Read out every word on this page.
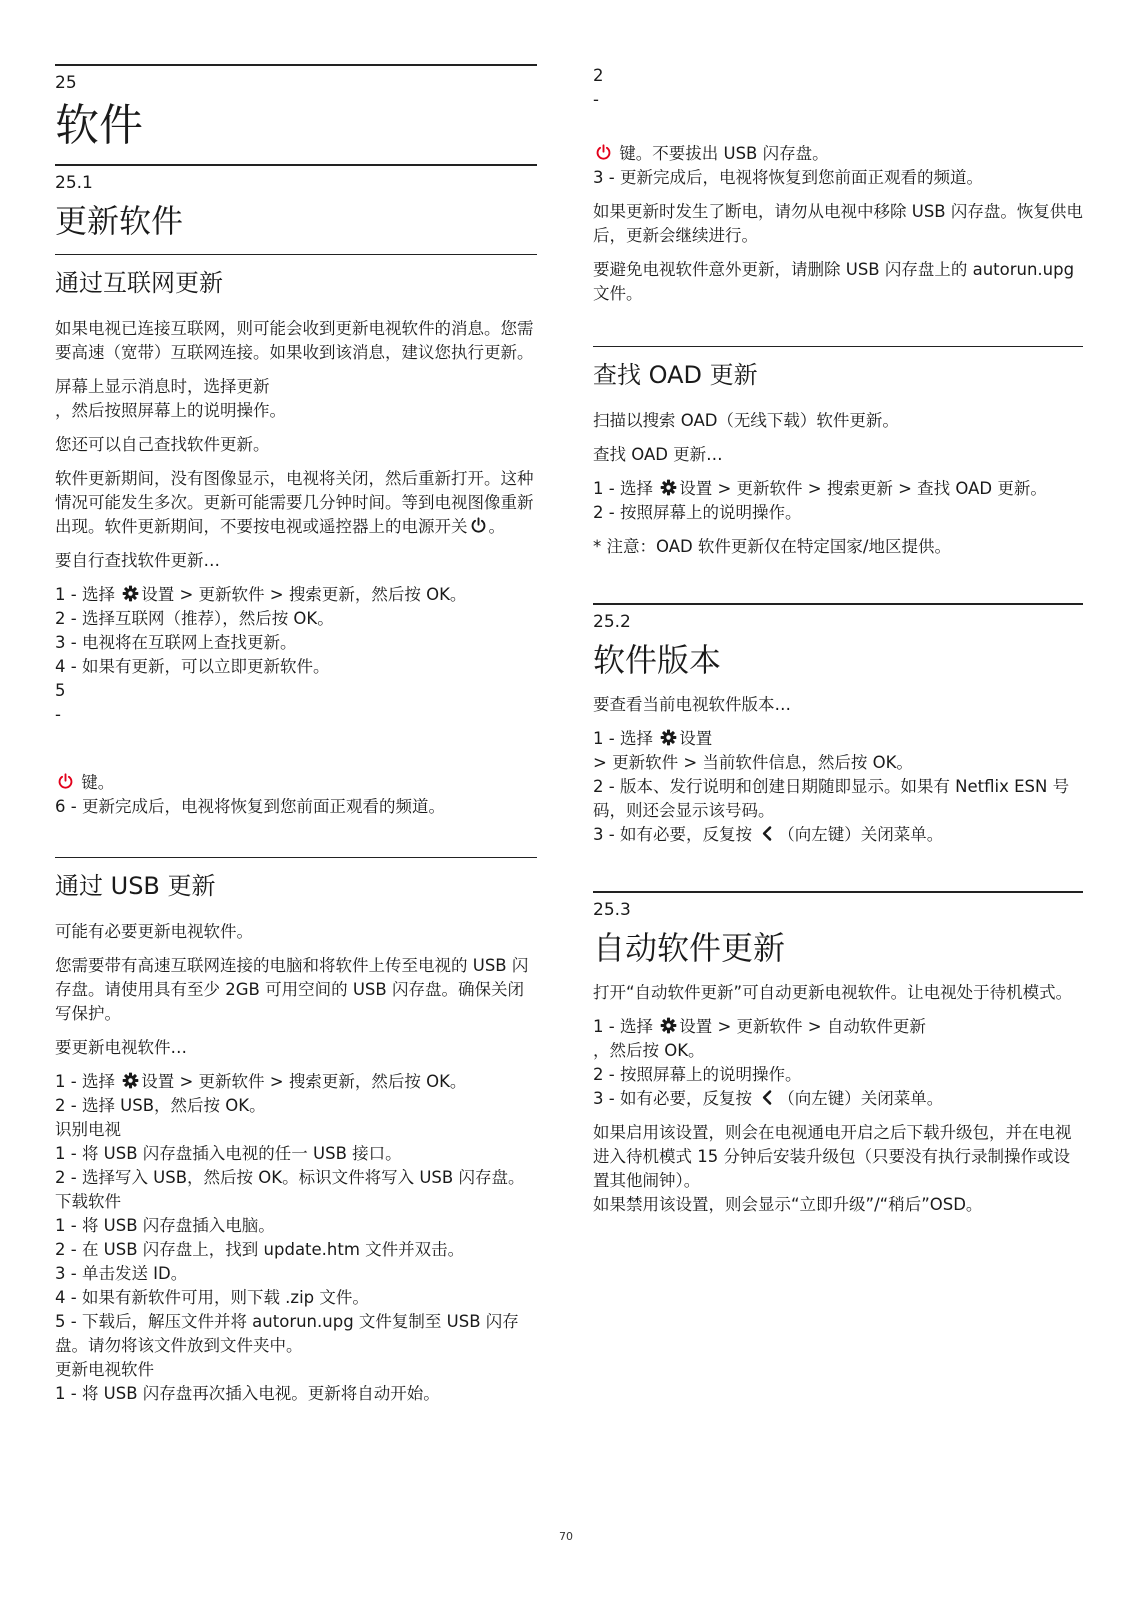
25
软件
25.1
更新软件
通过互联网更新

如果电视已连接互联网，则可能会收到更新电视软件的消息。您需要高速（宽带）互联网连接。如果收到该消息，建议您执行更新。

屏幕上显示消息时，选择更新
，然后按照屏幕上的说明操作。

您还可以自己查找软件更新。

软件更新期间，没有图像显示，电视将关闭，然后重新打开。这种情况可能发生多次。更新可能需要几分钟时间。等到电视图像重新出现。软件更新期间，不要按电视或遥控器上的电源开关 。

要自行查找软件更新…

1 - 选择 设置 > 更新软件 > 搜索更新，然后按 OK。

2 - 选择互联网（推荐），然后按 OK。

3 - 电视将在互联网上查找更新。

4 - 如果有更新，可以立即更新软件。

5

-

键。

6 - 更新完成后，电视将恢复到您前面正观看的频道。

通过 USB 更新

可能有必要更新电视软件。

您需要带有高速互联网连接的电脑和将软件上传至电视的 USB 闪存盘。请使用具有至少 2GB 可用空间的 USB 闪存盘。确保关闭写保护。

要更新电视软件…

1 - 选择 设置 > 更新软件 > 搜索更新，然后按 OK。

2 - 选择 USB，然后按 OK。

识别电视

1 - 将 USB 闪存盘插入电视的任一 USB 接口。

2 - 选择写入 USB，然后按 OK。标识文件将写入 USB 闪存盘。

下载软件

1 - 将 USB 闪存盘插入电脑。

2 - 在 USB 闪存盘上，找到 update.htm 文件并双击。

3 - 单击发送 ID。

4 - 如果有新软件可用，则下载 .zip 文件。

5 - 下载后，解压文件并将 autorun.upg 文件复制至 USB 闪存盘。请勿将该文件放到文件夹中。

更新电视软件

1 - 将 USB 闪存盘再次插入电视。更新将自动开始。

2

-

键。不要拔出 USB 闪存盘。

3 - 更新完成后，电视将恢复到您前面正观看的频道。

如果更新时发生了断电，请勿从电视中移除 USB 闪存盘。恢复供电后，更新会继续进行。

要避免电视软件意外更新，请删除 USB 闪存盘上的 autorun.upg 文件。

查找 OAD 更新

扫描以搜索 OAD（无线下载）软件更新。

查找 OAD 更新…

1 - 选择 设置 > 更新软件 > 搜索更新 > 查找 OAD 更新。

2 - 按照屏幕上的说明操作。

* 注意：OAD 软件更新仅在特定国家/地区提供。

25.2
软件版本

要查看当前电视软件版本…

1 - 选择 设置

> 更新软件 > 当前软件信息，然后按 OK。

2 - 版本、发行说明和创建日期随即显示。如果有 Netflix ESN 号码，则还会显示该号码。

3 - 如有必要，反复按 （向左键）关闭菜单。

25.3
自动软件更新

打开“自动软件更新”可自动更新电视软件。让电视处于待机模式。

1 - 选择 设置 > 更新软件 > 自动软件更新

，然后按 OK。

2 - 按照屏幕上的说明操作。

3 - 如有必要，反复按 （向左键）关闭菜单。

如果启用该设置，则会在电视通电开启之后下载升级包，并在电视进入待机模式 15 分钟后安装升级包（只要没有执行录制操作或设置其他闹钟）。

如果禁用该设置，则会显示“立即升级”/“稍后”OSD。

70
